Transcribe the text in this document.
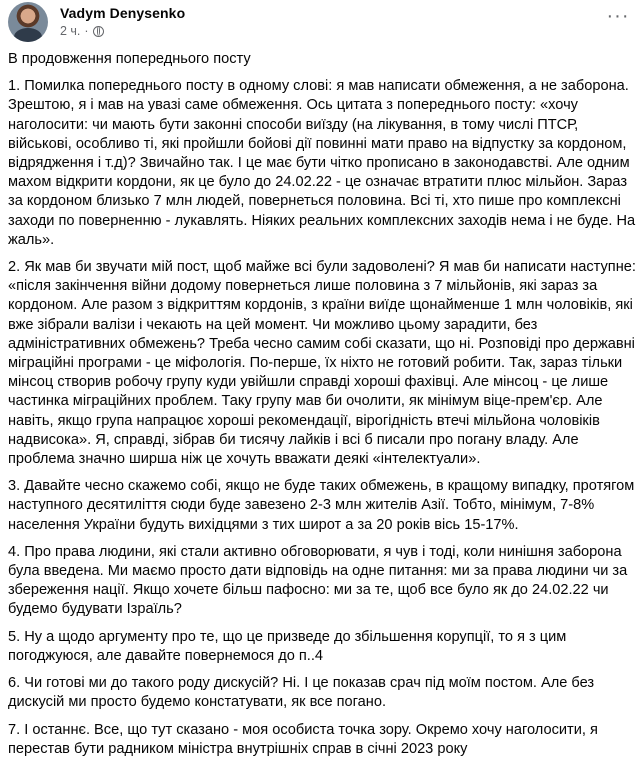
Vadym Denysenko
2 ч. ·
···

В продовження попереднього посту

1. Помилка попереднього посту в одному слові: я мав написати обмеження, а не заборона. Зрештою, я і мав на увазі саме обмеження. Ось цитата з попереднього посту: «хочу наголосити: чи мають бути законні способи виїзду (на лікування, в тому числі ПТСР, військові, особливо ті, які пройшли бойові дії повинні мати право на відпустку за кордоном, відрядження і т.д)? Звичайно так. І це має бути чітко прописано в законодавстві. Але одним махом відкрити кордони, як це було до 24.02.22 - це означає втратити плюс мільйон. Зараз за кордоном близько 7 млн людей, повернеться половина. Всі ті, хто пише про комплексні заходи по поверненню - лукавлять. Ніяких реальних комплексних заходів нема і не буде. На жаль».

2. Як мав би звучати мій пост, щоб майже всі були задоволені? Я мав би написати наступне: «після закінчення війни додому повернеться лише половина з 7 мільйонів, які зараз за кордоном. Але разом з відкриттям кордонів, з країни виїде щонайменше 1 млн чоловіків, які вже зібрали валізи і чекають на цей момент. Чи можливо цьому зарадити, без адміністративних обмежень? Треба чесно самим собі сказати, що ні. Розповіді про державні міграційні програми - це міфологія. По-перше, їх ніхто не готовий робити. Так, зараз тільки мінсоц створив робочу групу куди увійшли справді хороші фахівці. Але мінсоц - це лише частинка міграційних проблем. Таку групу мав би очолити, як мінімум віце-прем'єр. Але навіть, якщо група напрацює хороші рекомендації, вірогідність втечі мільйона чоловіків надвисока». Я, справді, зібрав би тисячу лайків і всі б писали про погану владу. Але проблема значно ширша ніж це хочуть вважати деякі «інтелектуали».

3. Давайте чесно скажемо собі, якщо не буде таких обмежень, в кращому випадку, протягом наступного десятиліття сюди буде завезено 2-3 млн жителів Азії. Тобто, мінімум, 7-8% населення України будуть вихідцями з тих широт а за 20 років вісь 15-17%.

4. Про права людини, які стали активно обговорювати, я чув і тоді, коли нинішня заборона була введена. Ми маємо просто дати відповідь на одне питання: ми за права людини чи за збереження нації. Якщо хочете більш пафосно: ми за те, щоб все було як до 24.02.22 чи будемо будувати Ізраїль?

5. Ну а щодо аргументу про те, що це призведе до збільшення корупції, то я з цим погоджуюся, але давайте повернемося до п..4

6. Чи готові ми до такого роду дискусій? Ні. І це показав срач під моїм постом. Але без дискусій ми просто будемо констатувати, як все погано.

7. І останнє. Все, що тут сказано - моя особиста точка зору. Окремо хочу наголосити, я перестав бути радником міністра внутрішніх справ в січні 2023 року
